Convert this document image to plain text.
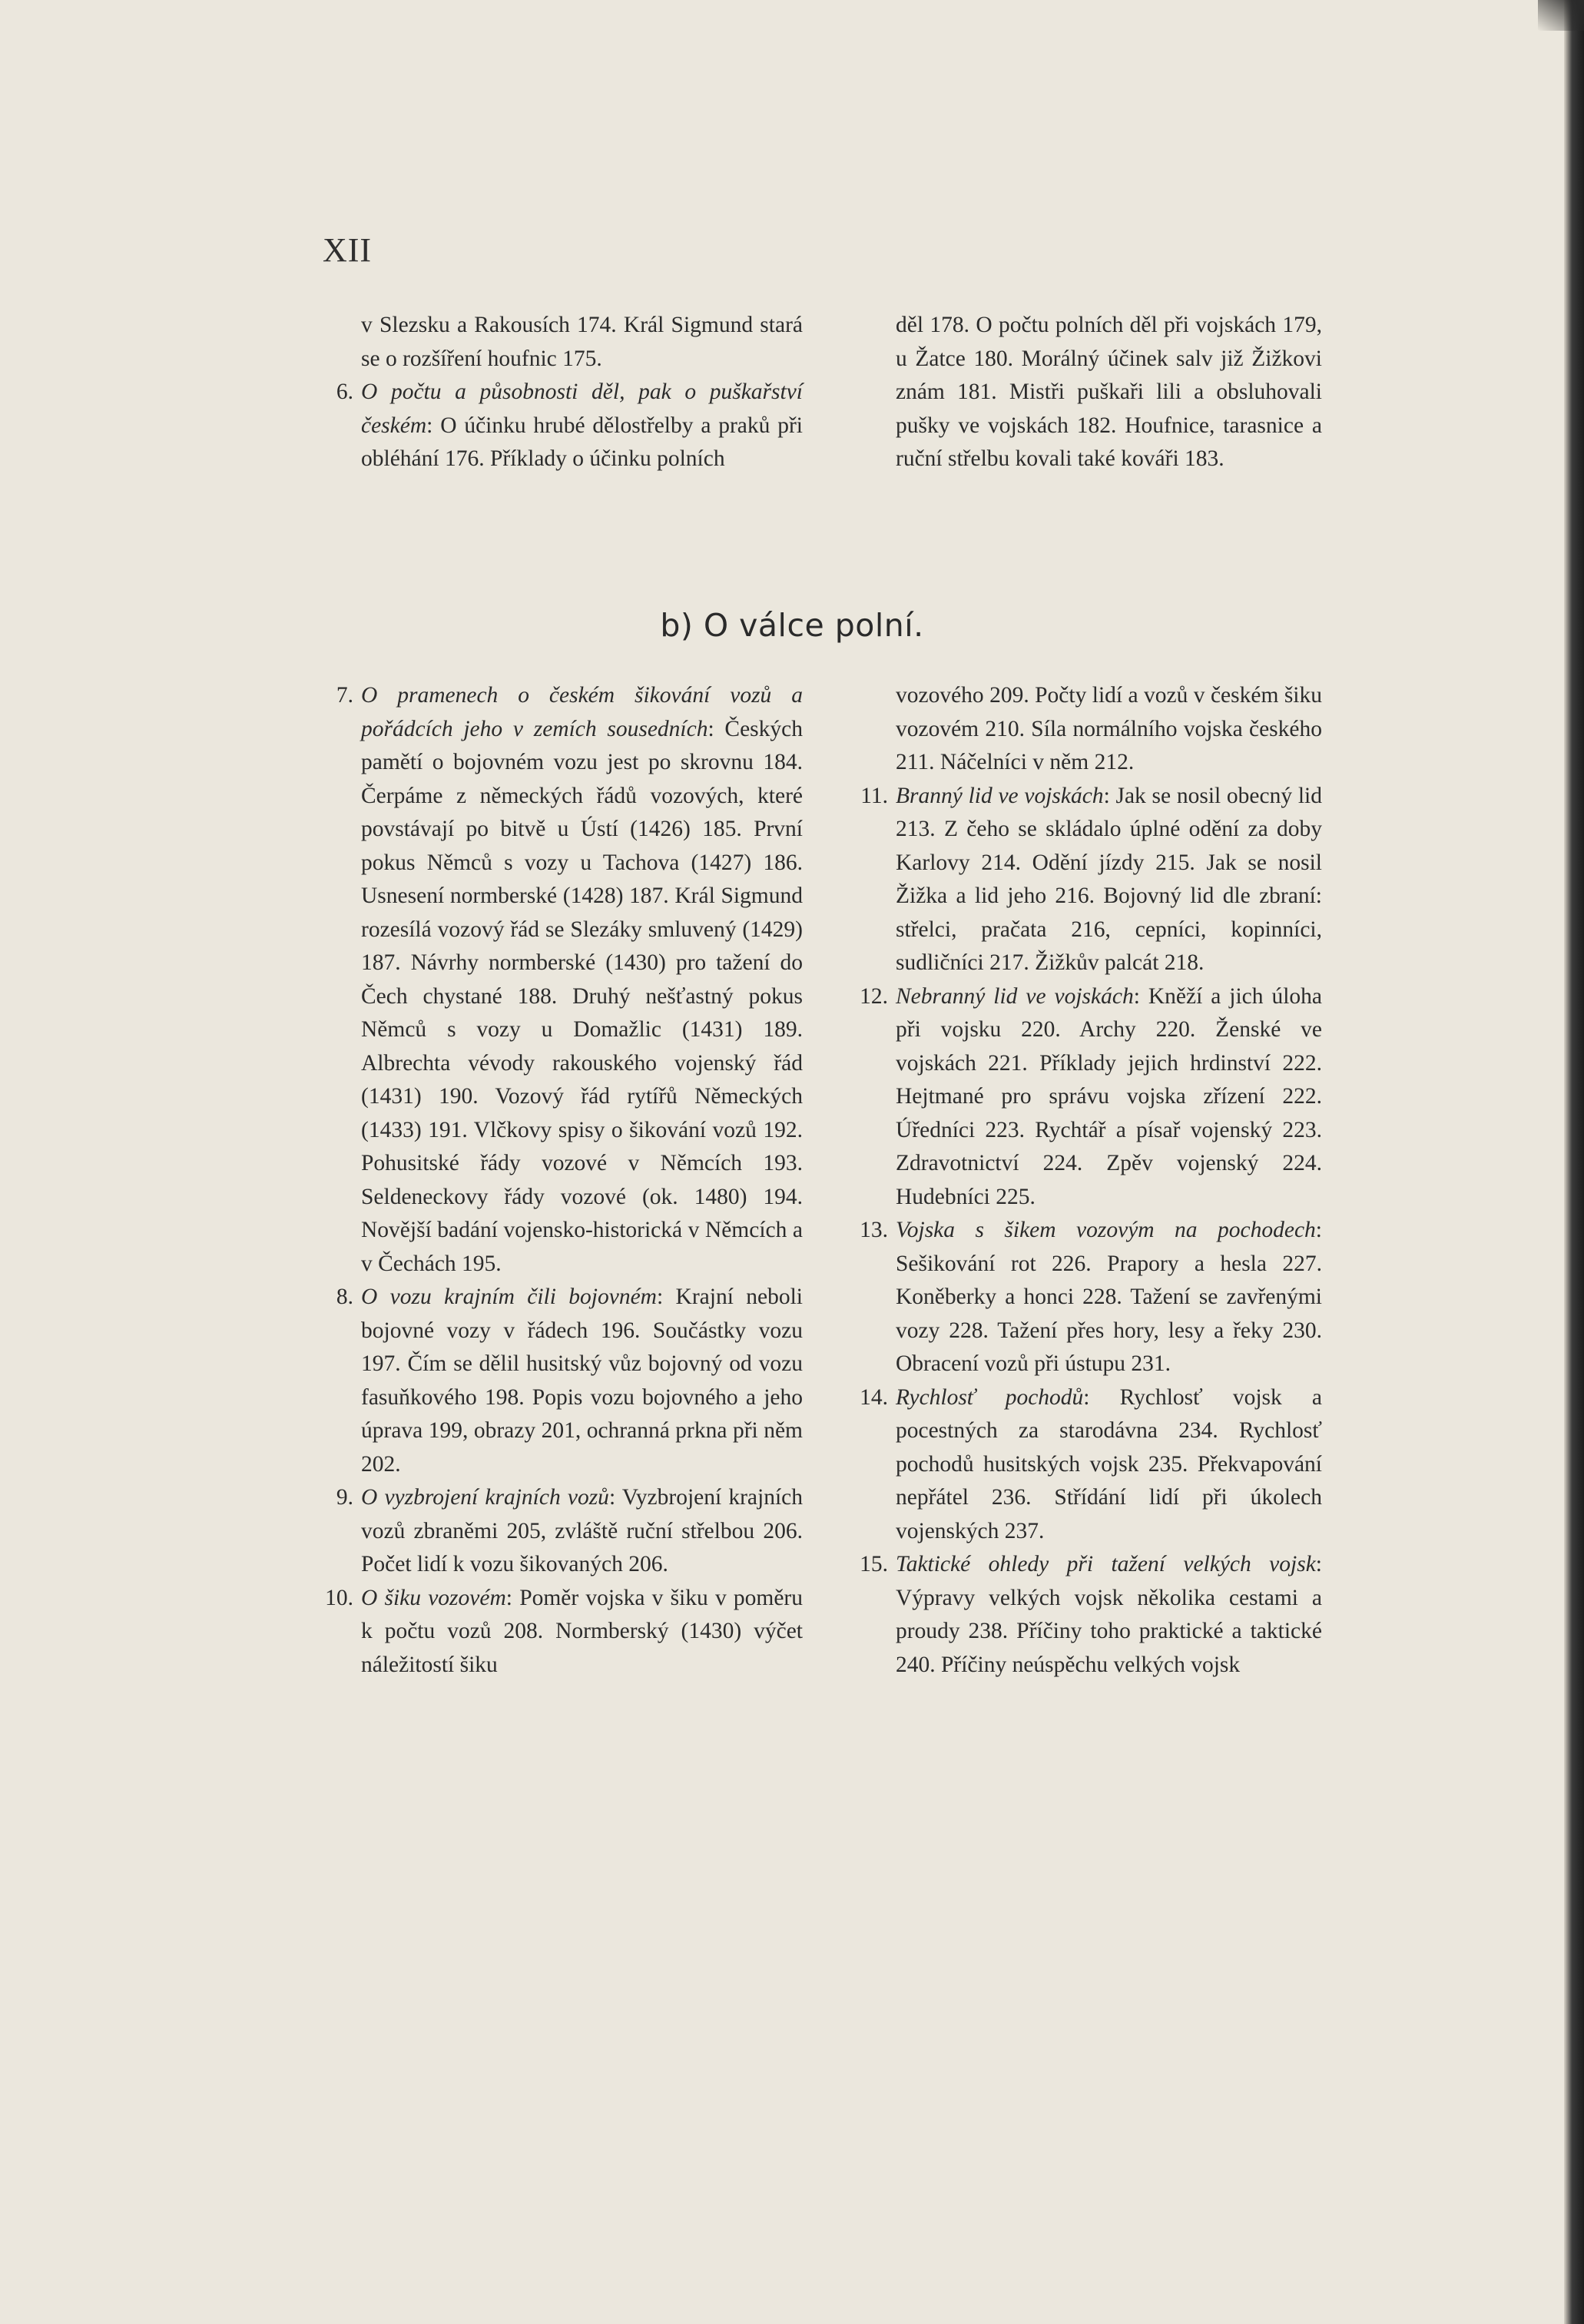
XII

v Slezsku a Rakousích 174. Král Sigmund stará se o rozšíření houfnic 175.

6. O počtu a působnosti děl, pak o puškařství českém: O účinku hrubé dělostřelby a praků při obléhání 176. Příklady o účinku polních

děl 178. O počtu polních děl při vojskách 179, u Žatce 180. Morálný účinek salv již Žižkovi znám 181. Mistři puškaři lili a obsluhovali pušky ve vojskách 182. Houfnice, tarasnice a ruční střelbu kovali také kováři 183.

b) O válce polní.

7. O pramenech o českém šikování vozů a pořádcích jeho v zemích sousedních: Českých pamětí o bojovném vozu jest po skrovnu 184. Čerpáme z německých řádů vozových, které povstávají po bitvě u Ústí (1426) 185. První pokus Němců s vozy u Tachova (1427) 186. Usnesení normberské (1428) 187. Král Sigmund rozesílá vozový řád se Slezáky smluvený (1429) 187. Návrhy normberské (1430) pro tažení do Čech chystané 188. Druhý nešťastný pokus Němců s vozy u Domažlic (1431) 189. Albrechta vévody rakouského vojenský řád (1431) 190. Vozový řád rytířů Německých (1433) 191. Vlčkovy spisy o šikování vozů 192. Pohusitské řády vozové v Němcích 193. Seldeneckovy řády vozové (ok. 1480) 194. Novější badání vojensko-historická v Němcích a v Čechách 195.

8. O vozu krajním čili bojovném: Krajní neboli bojovné vozy v řádech 196. Součástky vozu 197. Čím se dělil husitský vůz bojovný od vozu fasuňkového 198. Popis vozu bojovného a jeho úprava 199, obrazy 201, ochranná prkna při něm 202.

9. O vyzbrojení krajních vozů: Vyzbrojení krajních vozů zbraněmi 205, zvláště ruční střelbou 206. Počet lidí k vozu šikovaných 206.

10. O šiku vozovém: Poměr vojska v šiku v poměru k počtu vozů 208. Normberský (1430) výčet náležitostí šiku

vozového 209. Počty lidí a vozů v českém šiku vozovém 210. Síla normálního vojska českého 211. Náčelníci v něm 212.

11. Branný lid ve vojskách: Jak se nosil obecný lid 213. Z čeho se skládalo úplné odění za doby Karlovy 214. Odění jízdy 215. Jak se nosil Žižka a lid jeho 216. Bojovný lid dle zbraní: střelci, pračata 216, cepníci, kopinníci, sudličníci 217. Žižkův palcát 218.

12. Nebranný lid ve vojskách: Kněží a jich úloha při vojsku 220. Archy 220. Ženské ve vojskách 221. Příklady jejich hrdinství 222. Hejtmané pro správu vojska zřízení 222. Úředníci 223. Rychtář a písař vojenský 223. Zdravotnictví 224. Zpěv vojenský 224. Hudebníci 225.

13. Vojska s šikem vozovým na pochodech: Sešikování rot 226. Prapory a hesla 227. Koněberky a honci 228. Tažení se zavřenými vozy 228. Tažení přes hory, lesy a řeky 230. Obracení vozů při ústupu 231.

14. Rychlosť pochodů: Rychlosť vojsk a pocestných za starodávna 234. Rychlosť pochodů husitských vojsk 235. Překvapování nepřátel 236. Střídání lidí při úkolech vojenských 237.

15. Taktické ohledy při tažení velkých vojsk: Výpravy velkých vojsk několika cestami a proudy 238. Příčiny toho praktické a taktické 240. Příčiny neúspěchu velkých vojsk
